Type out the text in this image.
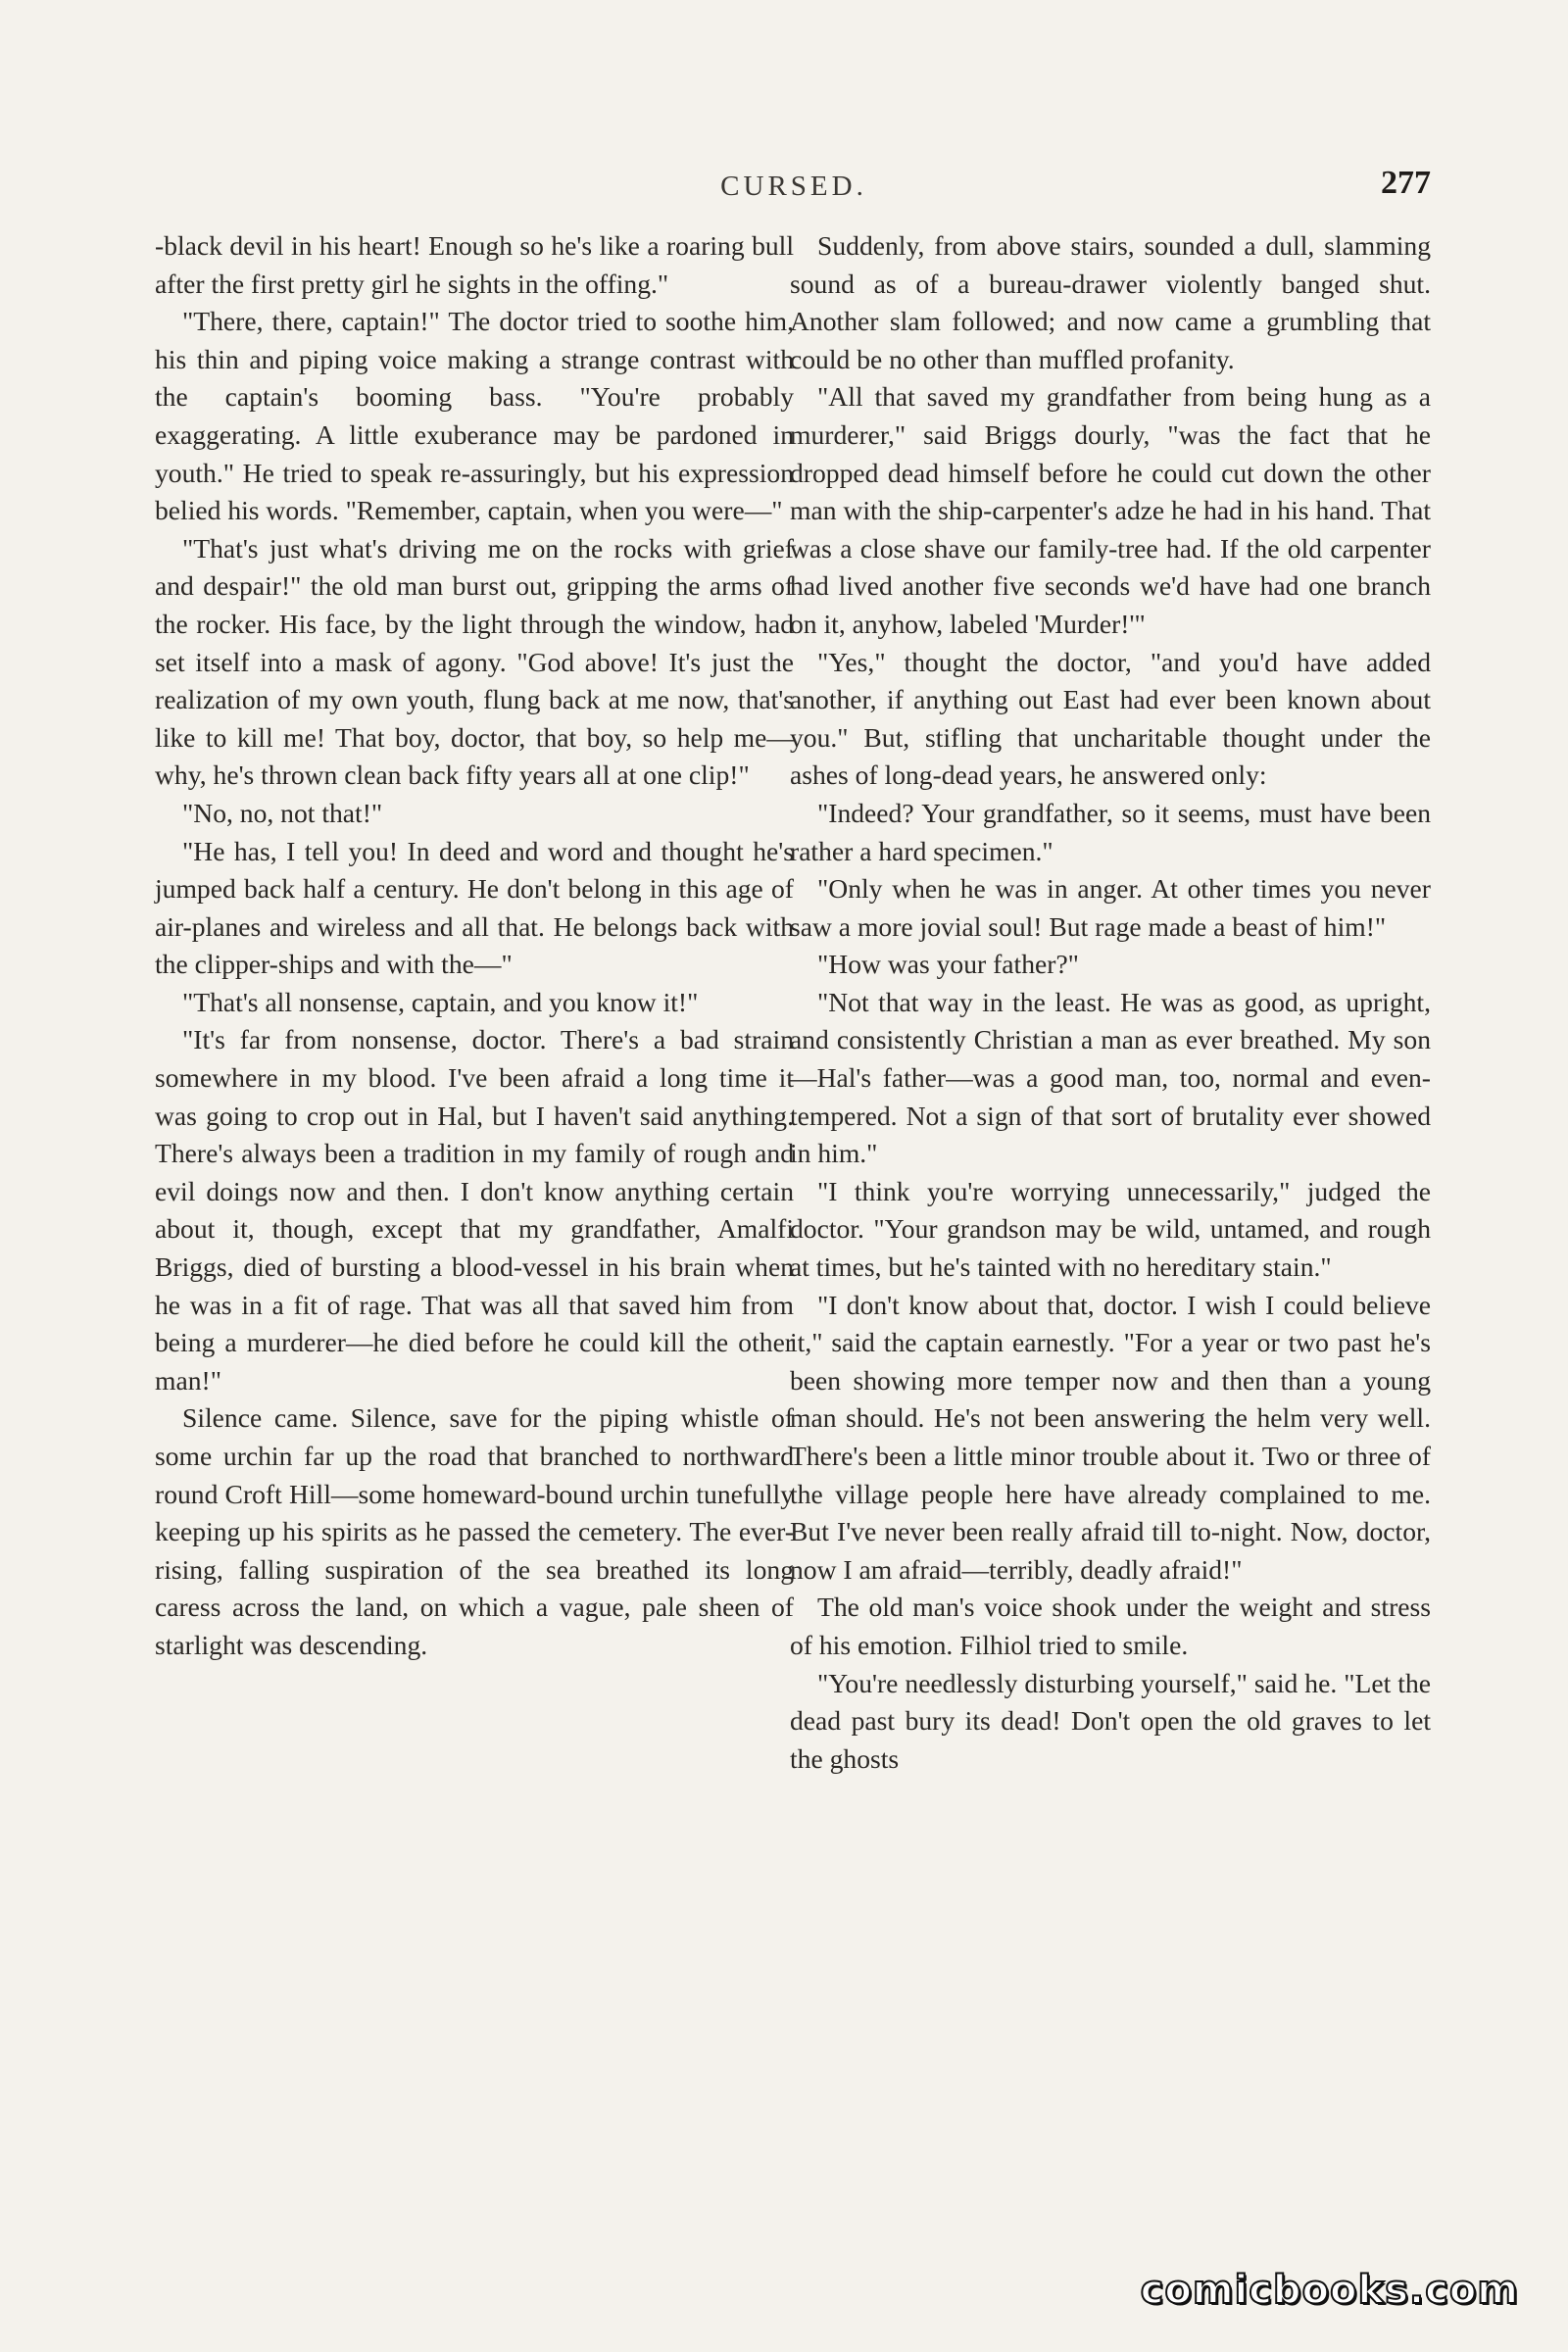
CURSED.	277

-black devil in his heart! Enough so he's like a roaring bull after the first pretty girl he sights in the offing."

"There, there, captain!" The doctor tried to soothe him, his thin and piping voice making a strange contrast with the captain's booming bass. "You're probably exaggerating. A little exuberance may be pardoned in youth." He tried to speak re-assuringly, but his expression belied his words. "Remember, captain, when you were—"

"That's just what's driving me on the rocks with grief and despair!" the old man burst out, gripping the arms of the rocker. His face, by the light through the window, had set itself into a mask of agony. "God above! It's just the realization of my own youth, flung back at me now, that's like to kill me! That boy, doctor, that boy, so help me—why, he's thrown clean back fifty years all at one clip!"

"No, no, not that!"

"He has, I tell you! In deed and word and thought he's jumped back half a century. He don't belong in this age of air-planes and wireless and all that. He belongs back with the clipper-ships and with the—"

"That's all nonsense, captain, and you know it!"

"It's far from nonsense, doctor. There's a bad strain somewhere in my blood. I've been afraid a long time it was going to crop out in Hal, but I haven't said anything. There's always been a tradition in my family of rough and evil doings now and then. I don't know anything certain about it, though, except that my grandfather, Amalfi Briggs, died of bursting a blood-vessel in his brain when he was in a fit of rage. That was all that saved him from being a murderer—he died before he could kill the other man!"

Silence came. Silence, save for the piping whistle of some urchin far up the road that branched to northward round Croft Hill—some homeward-bound urchin tunefully keeping up his spirits as he passed the cemetery. The ever-rising, falling suspiration of the sea breathed its long caress across the land, on which a vague, pale sheen of starlight was descending.

Suddenly, from above stairs, sounded a dull, slamming sound as of a bureau-drawer violently banged shut. Another slam followed; and now came a grumbling that could be no other than muffled profanity.

"All that saved my grandfather from being hung as a murderer," said Briggs dourly, "was the fact that he dropped dead himself before he could cut down the other man with the ship-carpenter's adze he had in his hand. That was a close shave our family-tree had. If the old carpenter had lived another five seconds we'd have had one branch on it, anyhow, labeled 'Murder!'"

"Yes," thought the doctor, "and you'd have added another, if anything out East had ever been known about you." But, stifling that uncharitable thought under the ashes of long-dead years, he answered only:

"Indeed? Your grandfather, so it seems, must have been rather a hard specimen."

"Only when he was in anger. At other times you never saw a more jovial soul! But rage made a beast of him!"

"How was your father?"

"Not that way in the least. He was as good, as upright, and consistently Christian a man as ever breathed. My son—Hal's father—was a good man, too, normal and even-tempered. Not a sign of that sort of brutality ever showed in him."

"I think you're worrying unnecessarily," judged the doctor. "Your grandson may be wild, untamed, and rough at times, but he's tainted with no hereditary stain."

"I don't know about that, doctor. I wish I could believe it," said the captain earnestly. "For a year or two past he's been showing more temper now and then than a young man should. He's not been answering the helm very well. There's been a little minor trouble about it. Two or three of the village people here have already complained to me. But I've never been really afraid till to-night. Now, doctor, now I am afraid—terribly, deadly afraid!"

The old man's voice shook under the weight and stress of his emotion. Filhiol tried to smile.

"You're needlessly disturbing yourself," said he. "Let the dead past bury its dead! Don't open the old graves to let the ghosts

comicbooks.com
